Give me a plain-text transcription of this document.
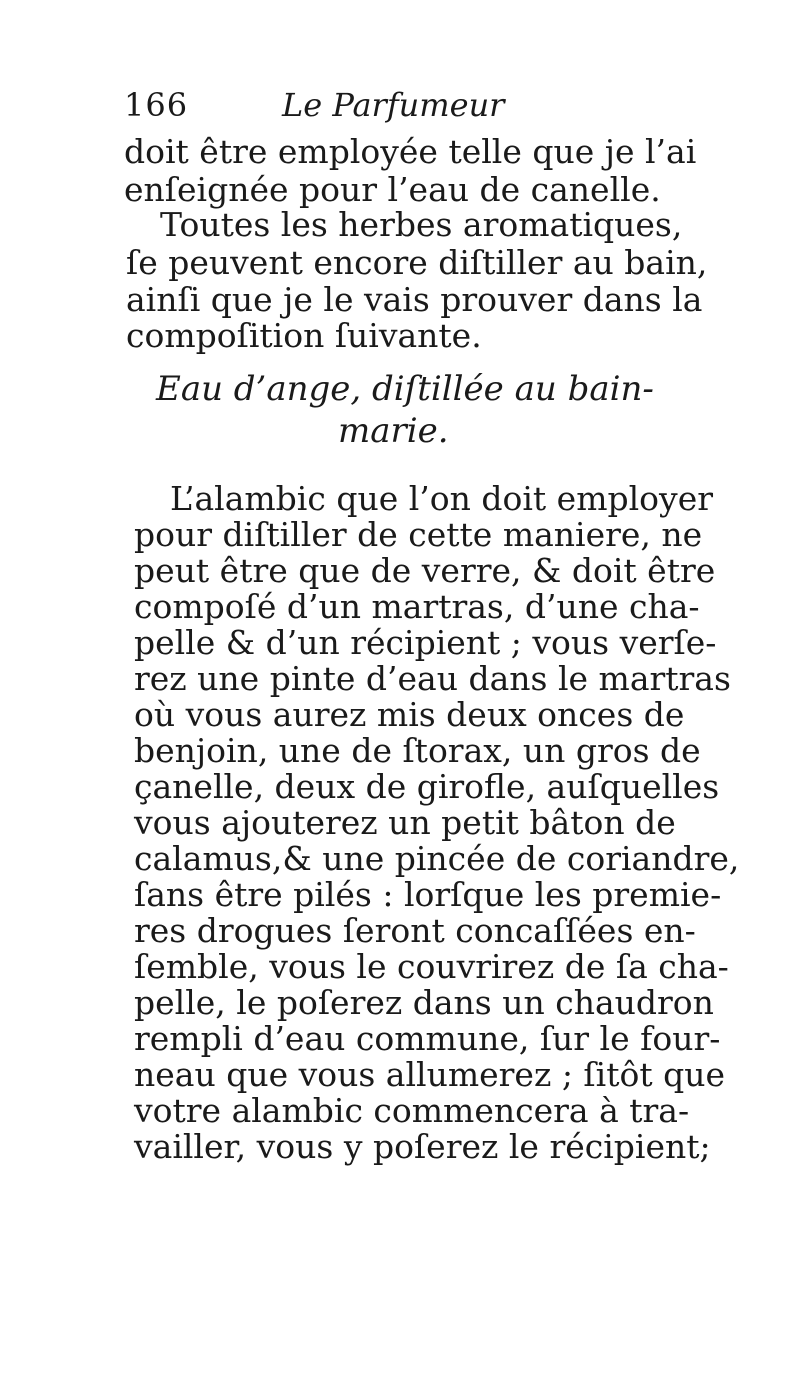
166	Le Parfumeur
doit être employée telle que je l’ai
enſeignée pour l’eau de canelle.
Toutes les herbes aromatiques,
ſe peuvent encore diſtiller au bain,
ainſi que je le vais prouver dans la
compoſition ſuivante.
Eau d’ange, diſtillée au bain-
marie.
L’alambic que l’on doit employer
pour diſtiller de cette maniere, ne
peut être que de verre, & doit être
compoſé d’un martras, d’une cha-
pelle & d’un récipient ; vous verſe-
rez une pinte d’eau dans le martras
où vous aurez mis deux onces de
benjoin, une de ſtorax, un gros de
çanelle, deux de girofle, auſquelles
vous ajouterez un petit bâton de
calamus,& une pincée de coriandre,
ſans être pilés : lorſque les premie-
res drogues ſeront concaſſées en-
ſemble, vous le couvrirez de ſa cha-
pelle, le poſerez dans un chaudron
rempli d’eau commune, ſur le four-
neau que vous allumerez ; ſitôt que
votre alambic commencera à tra-
vailler, vous y poſerez le récipient;
